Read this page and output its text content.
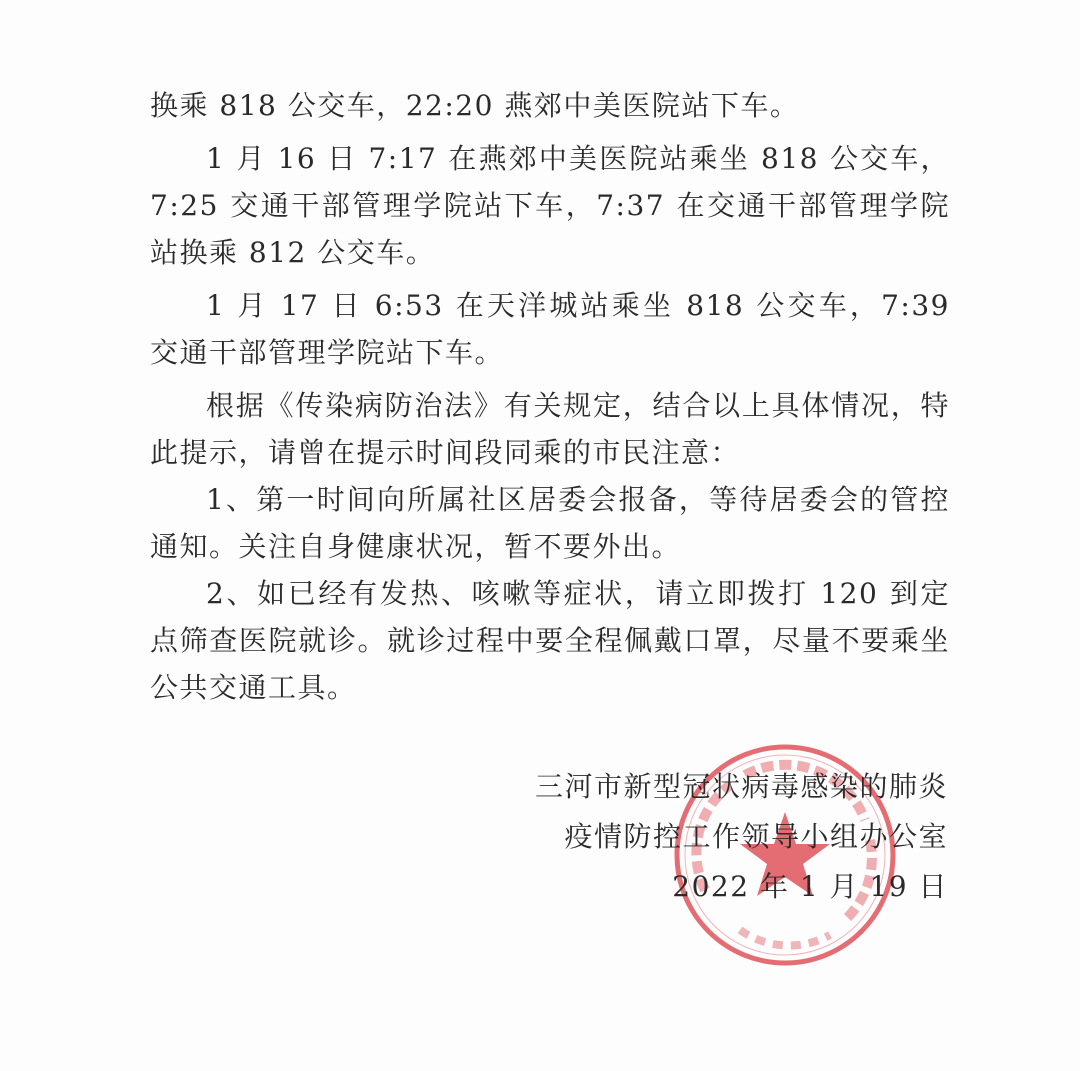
换乘 818 公交车，22:20 燕郊中美医院站下车。

1 月 16 日 7:17 在燕郊中美医院站乘坐 818 公交车，7:25 交通干部管理学院站下车，7:37 在交通干部管理学院站换乘 812 公交车。

1 月 17 日 6:53 在天洋城站乘坐 818 公交车，7:39 交通干部管理学院站下车。

根据《传染病防治法》有关规定，结合以上具体情况，特此提示，请曾在提示时间段同乘的市民注意：

1、第一时间向所属社区居委会报备，等待居委会的管控通知。关注自身健康状况，暂不要外出。

2、如已经有发热、咳嗽等症状，请立即拨打 120 到定点筛查医院就诊。就诊过程中要全程佩戴口罩，尽量不要乘坐公共交通工具。

三河市新型冠状病毒感染的肺炎
疫情防控工作领导小组办公室
2022 年 1 月 19 日
